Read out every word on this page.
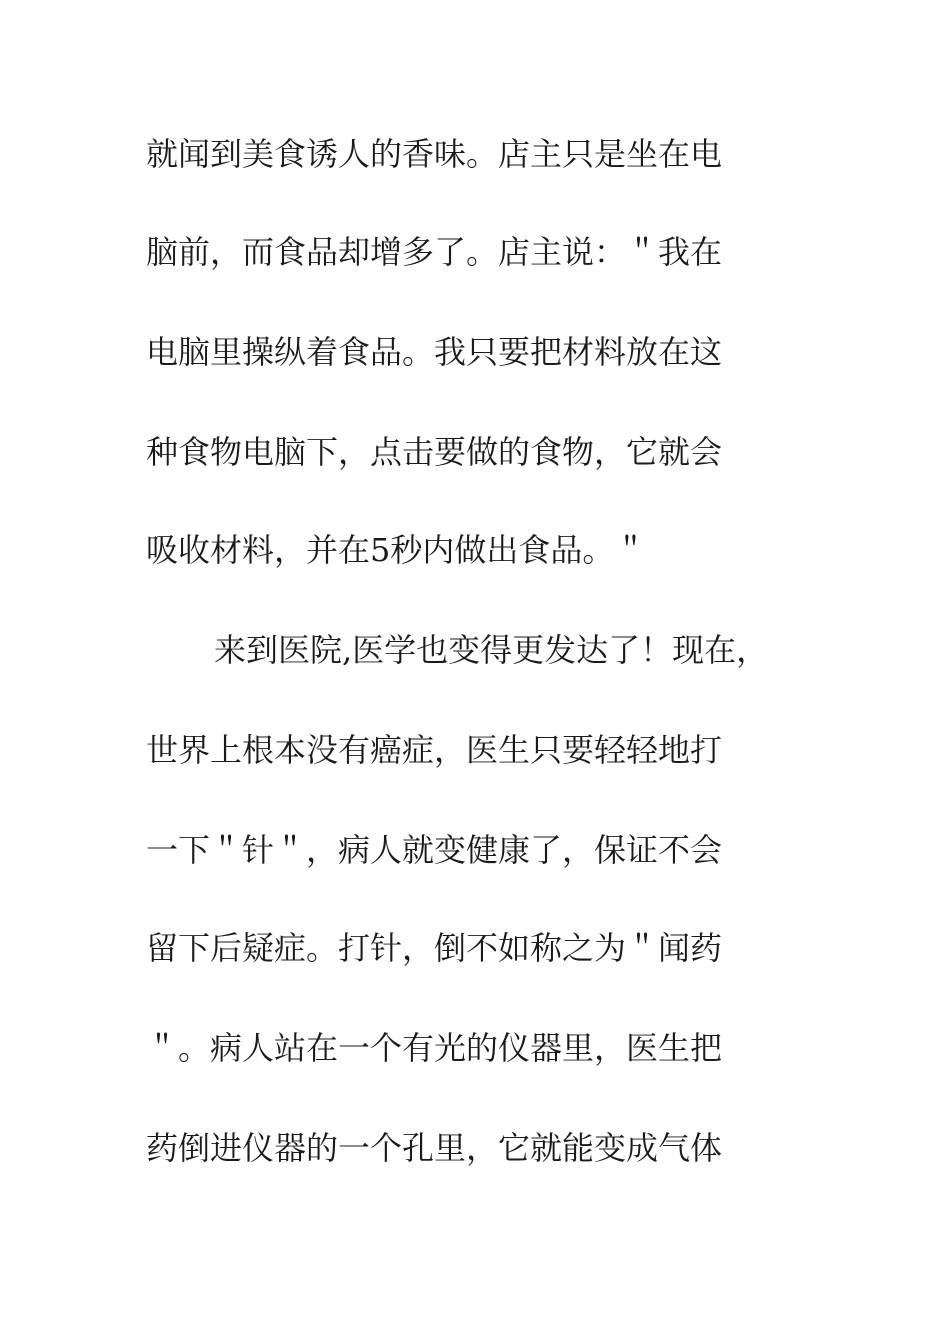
就闻到美食诱人的香味。店主只是坐在电
脑前，而食品却增多了。店主说：＂我在
电脑里操纵着食品。我只要把材料放在这
种食物电脑下，点击要做的食物，它就会
吸收材料，并在5秒内做出食品。＂
来到医院,医学也变得更发达了！现在，
世界上根本没有癌症，医生只要轻轻地打
一下＂针＂，病人就变健康了，保证不会
留下后疑症。打针，倒不如称之为＂闻药
＂。病人站在一个有光的仪器里，医生把
药倒进仪器的一个孔里，它就能变成气体
